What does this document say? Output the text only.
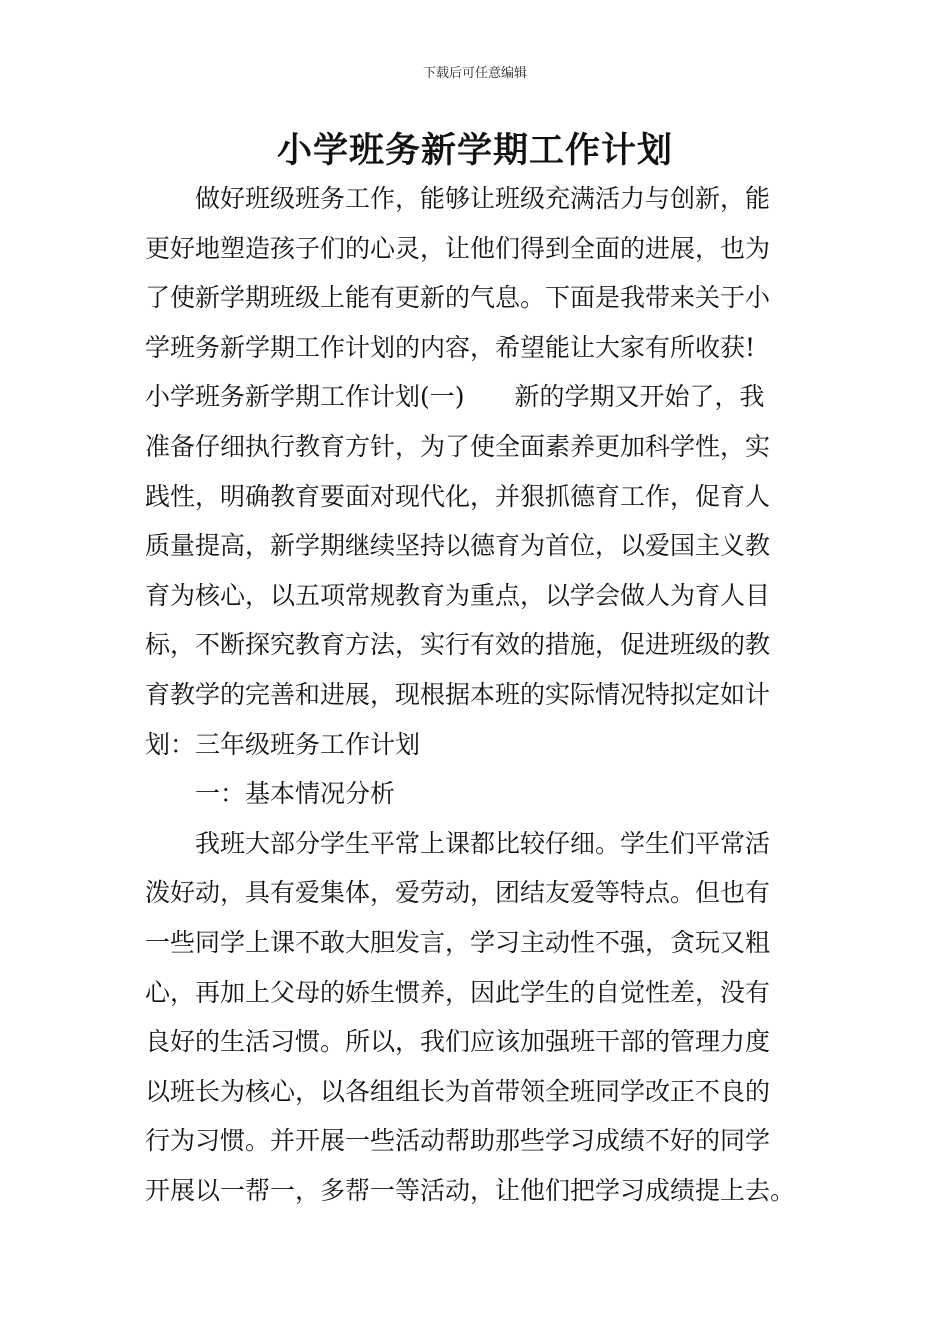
下载后可任意编辑
小学班务新学期工作计划

做好班级班务工作，能够让班级充满活力与创新，能
更好地塑造孩子们的心灵，让他们得到全面的进展，也为
了使新学期班级上能有更新的气息。下面是我带来关于小
学班务新学期工作计划的内容，希望能让大家有所收获!

小学班务新学期工作计划(一)　　新的学期又开始了，我
准备仔细执行教育方针，为了使全面素养更加科学性，实
践性，明确教育要面对现代化，并狠抓德育工作，促育人
质量提高，新学期继续坚持以德育为首位，以爱国主义教
育为核心，以五项常规教育为重点，以学会做人为育人目
标，不断探究教育方法，实行有效的措施，促进班级的教
育教学的完善和进展，现根据本班的实际情况特拟定如计
划：三年级班务工作计划

一：基本情况分析

我班大部分学生平常上课都比较仔细。学生们平常活
泼好动，具有爱集体，爱劳动，团结友爱等特点。但也有
一些同学上课不敢大胆发言，学习主动性不强，贪玩又粗
心，再加上父母的娇生惯养，因此学生的自觉性差，没有
良好的生活习惯。所以，我们应该加强班干部的管理力度
以班长为核心，以各组组长为首带领全班同学改正不良的
行为习惯。并开展一些活动帮助那些学习成绩不好的同学
开展以一帮一，多帮一等活动，让他们把学习成绩提上去。
